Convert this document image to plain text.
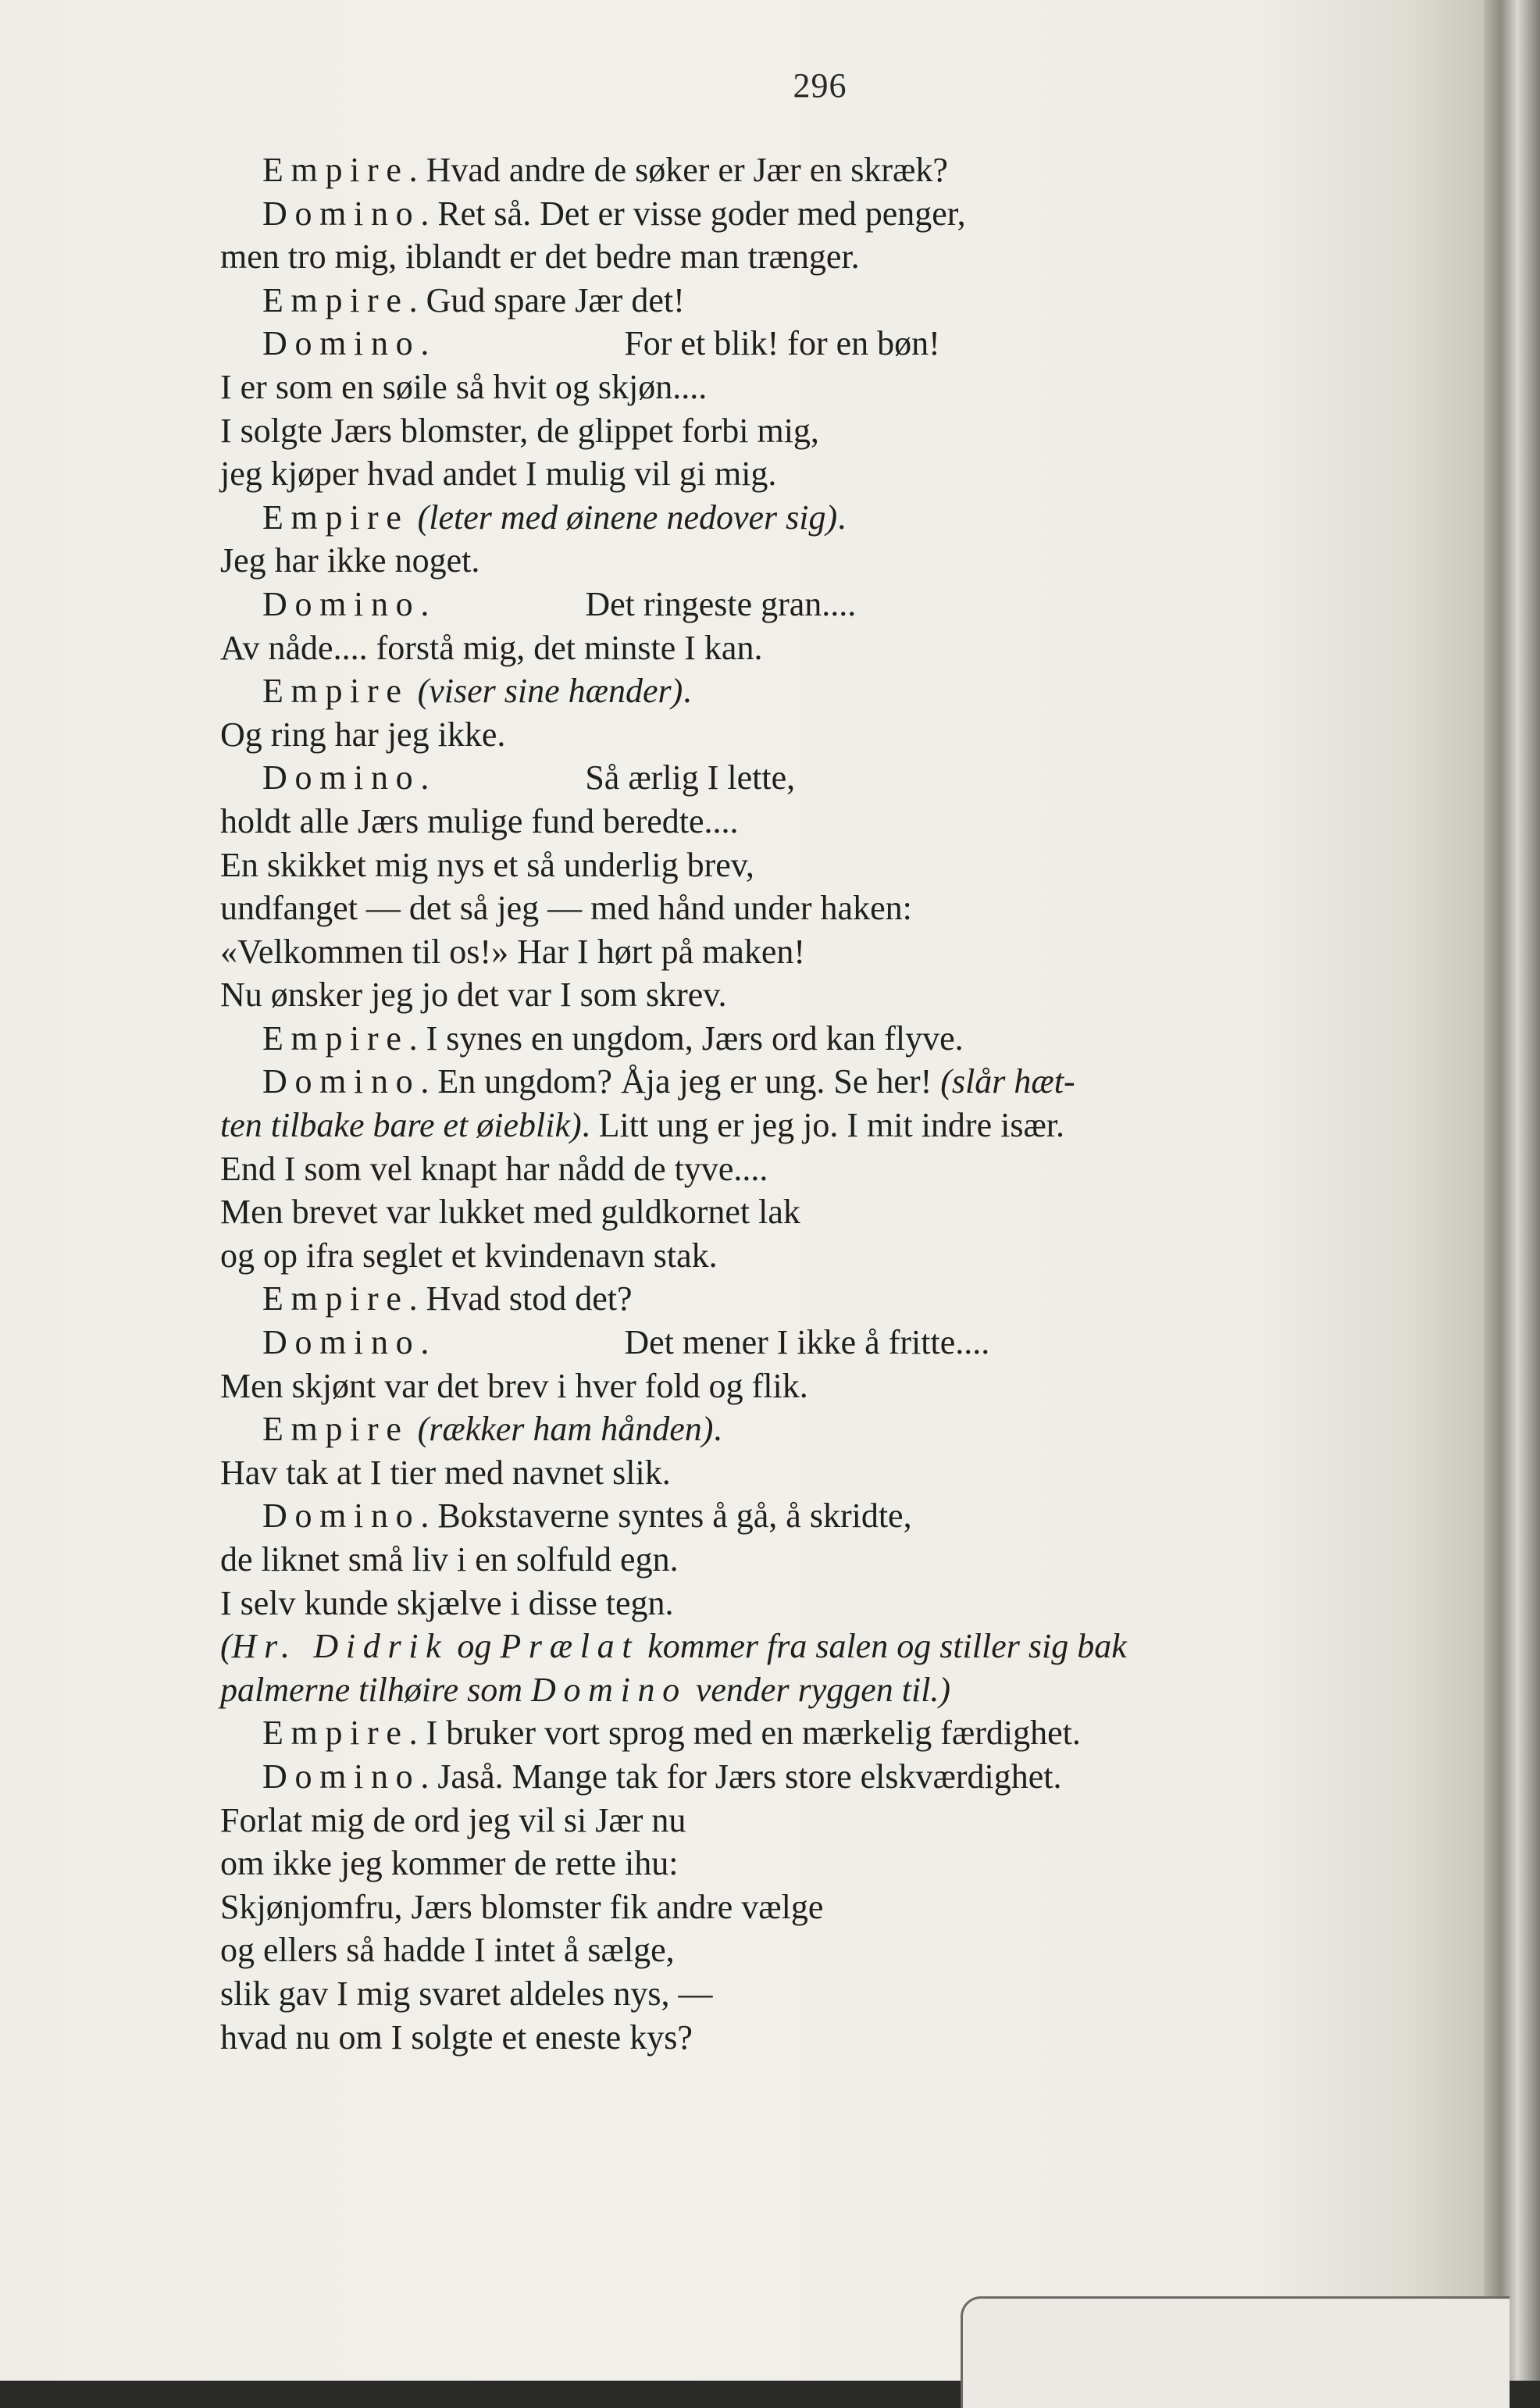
296
Empire. Hvad andre de søker er Jær en skræk?
Domino. Ret så. Det er visse goder med penger,
men tro mig, iblandt er det bedre man trænger.
Empire. Gud spare Jær det!
Domino.	For et blik! for en bøn!
I er som en søile så hvit og skjøn....
I solgte Jærs blomster, de glippet forbi mig,
jeg kjøper hvad andet I mulig vil gi mig.
Empire (leter med øinene nedover sig).
Jeg har ikke noget.
Domino.	Det ringeste gran....
Av nåde.... forstå mig, det minste I kan.
Empire (viser sine hænder).
Og ring har jeg ikke.
Domino.	Så ærlig I lette,
holdt alle Jærs mulige fund beredte....
En skikket mig nys et så underlig brev,
undfanget — det så jeg — med hånd under haken:
«Velkommen til os!» Har I hørt på maken!
Nu ønsker jeg jo det var I som skrev.
Empire. I synes en ungdom, Jærs ord kan flyve.
Domino. En ungdom? Åja jeg er ung. Se her! (slår hæt-
ten tilbake bare et øieblik). Litt ung er jeg jo. I mit indre især.
End I som vel knapt har nådd de tyve....
Men brevet var lukket med guldkornet lak
og op ifra seglet et kvindenavn stak.
Empire. Hvad stod det?
Domino.	Det mener I ikke å fritte....
Men skjønt var det brev i hver fold og flik.
Empire (rækker ham hånden).
Hav tak at I tier med navnet slik.
Domino. Bokstaverne syntes å gå, å skridte,
de liknet små liv i en solfuld egn.
I selv kunde skjælve i disse tegn.
(Hr. Didrik og Prælat kommer fra salen og stiller sig bak
palmerne tilhøire som Domino vender ryggen til.)
Empire. I bruker vort sprog med en mærkelig færdighet.
Domino. Jaså. Mange tak for Jærs store elskværdighet.
Forlat mig de ord jeg vil si Jær nu
om ikke jeg kommer de rette ihu:
Skjønjomfru, Jærs blomster fik andre vælge
og ellers så hadde I intet å sælge,
slik gav I mig svaret aldeles nys, —
hvad nu om I solgte et eneste kys?
